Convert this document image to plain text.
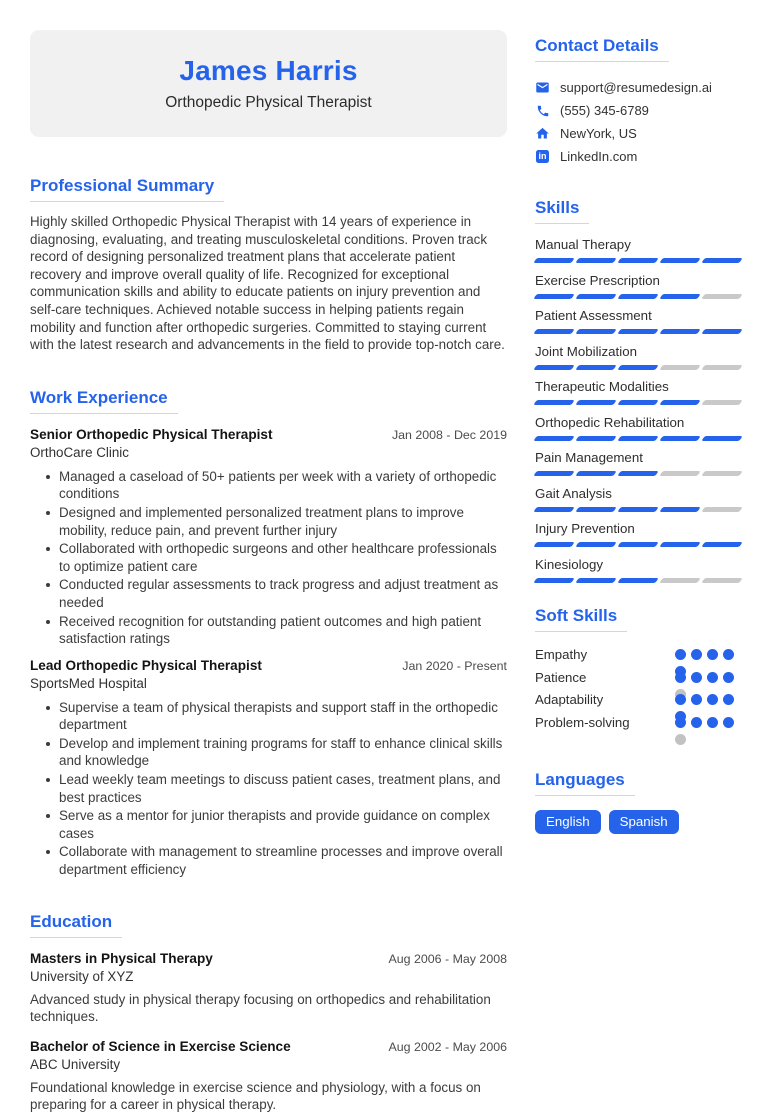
James Harris
Orthopedic Physical Therapist
Professional Summary

Highly skilled Orthopedic Physical Therapist with 14 years of experience in diagnosing, evaluating, and treating musculoskeletal conditions. Proven track record of designing personalized treatment plans that accelerate patient recovery and improve overall quality of life. Recognized for exceptional communication skills and ability to educate patients on injury prevention and self-care techniques. Achieved notable success in helping patients regain mobility and function after orthopedic surgeries. Committed to staying current with the latest research and advancements in the field to provide top-notch care.

Work Experience
Senior Orthopedic Physical Therapist	Jan 2008 - Dec 2019
OrthoCare Clinic
Managed a caseload of 50+ patients per week with a variety of orthopedic conditions
Designed and implemented personalized treatment plans to improve mobility, reduce pain, and prevent further injury
Collaborated with orthopedic surgeons and other healthcare professionals to optimize patient care
Conducted regular assessments to track progress and adjust treatment as needed
Received recognition for outstanding patient outcomes and high patient satisfaction ratings
Lead Orthopedic Physical Therapist	Jan 2020 - Present
SportsMed Hospital
Supervise a team of physical therapists and support staff in the orthopedic department
Develop and implement training programs for staff to enhance clinical skills and knowledge
Lead weekly team meetings to discuss patient cases, treatment plans, and best practices
Serve as a mentor for junior therapists and provide guidance on complex cases
Collaborate with management to streamline processes and improve overall department efficiency
Education
Masters in Physical Therapy	Aug 2006 - May 2008
University of XYZ

Advanced study in physical therapy focusing on orthopedics and rehabilitation techniques.

Bachelor of Science in Exercise Science	Aug 2002 - May 2006
ABC University

Foundational knowledge in exercise science and physiology, with a focus on preparing for a career in physical therapy.

Contact Details
support@resumedesign.ai
(555) 345-6789
NewYork, US
in LinkedIn.com
Skills
Manual Therapy
Exercise Prescription
Patient Assessment
Joint Mobilization
Therapeutic Modalities
Orthopedic Rehabilitation
Pain Management
Gait Analysis
Injury Prevention
Kinesiology
Soft Skills
Empathy
Patience
Adaptability
Problem-solving
Languages
English	Spanish
